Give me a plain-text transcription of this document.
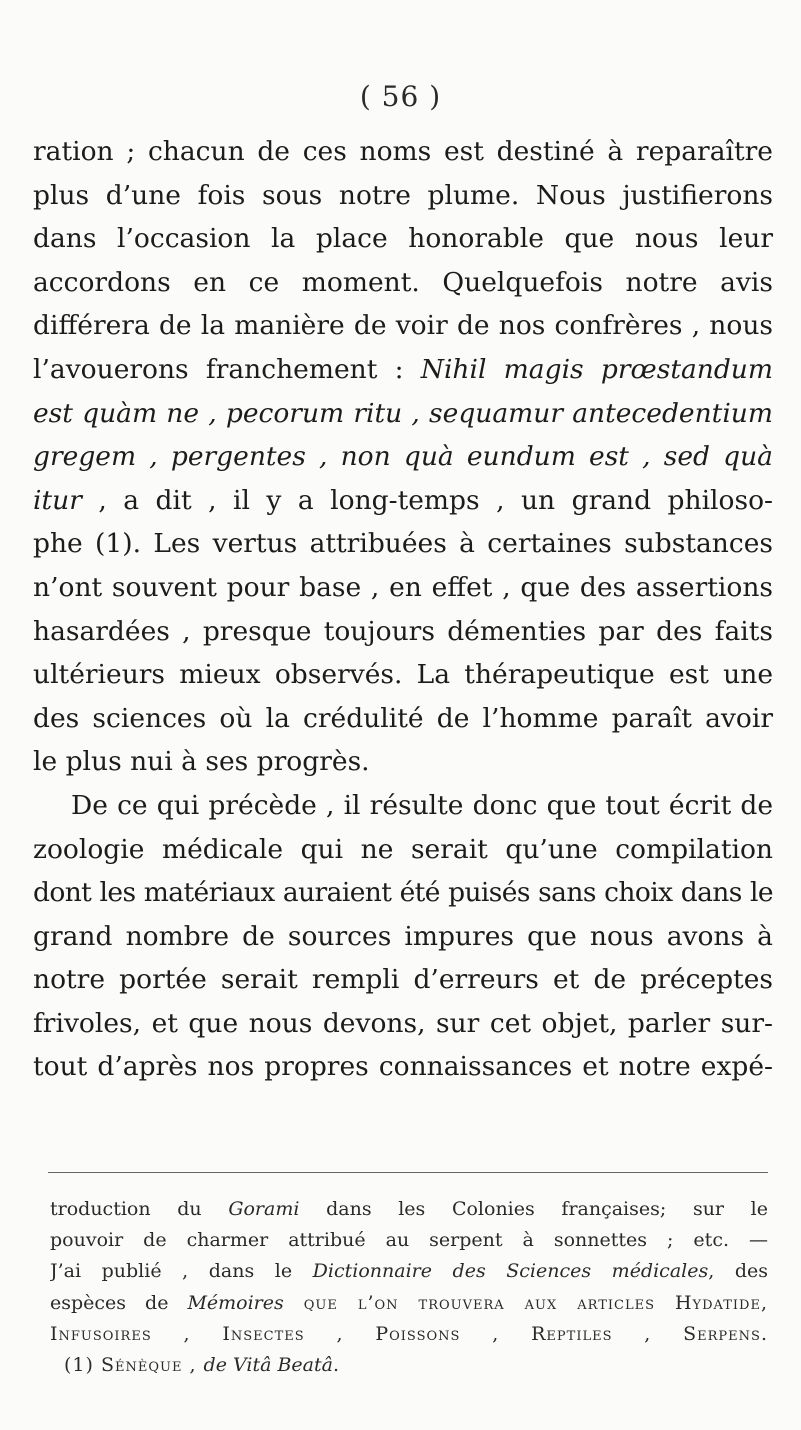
( 56 )
ration ; chacun de ces noms est destiné à reparaître
plus d’une fois sous notre plume. Nous justifierons
dans l’occasion la place honorable que nous leur
accordons en ce moment. Quelquefois notre avis
différera de la manière de voir de nos confrères , nous
l’avouerons franchement : Nihil magis prœstandum
est quàm ne , pecorum ritu , sequamur antecedentium
gregem , pergentes , non quà eundum est , sed quà
itur , a dit , il y a long-temps , un grand philoso-
phe (1). Les vertus attribuées à certaines substances
n’ont souvent pour base , en effet , que des assertions
hasardées , presque toujours démenties par des faits
ultérieurs mieux observés. La thérapeutique est une
des sciences où la crédulité de l’homme paraît avoir
le plus nui à ses progrès.
De ce qui précède , il résulte donc que tout écrit de
zoologie médicale qui ne serait qu’une compilation
dont les matériaux auraient été puisés sans choix dans le
grand nombre de sources impures que nous avons à
notre portée serait rempli d’erreurs et de préceptes
frivoles, et que nous devons, sur cet objet, parler sur-
tout d’après nos propres connaissances et notre expé-
troduction du Gorami dans les Colonies françaises; sur le
pouvoir de charmer attribué au serpent à sonnettes ; etc. —
J’ai publié , dans le Dictionnaire des Sciences médicales, des
espèces de Mémoires que l’on trouvera aux articles Hydatide,
Infusoires , Insectes , Poissons , Reptiles , Serpens.
(1) Sénèque , de Vitâ Beatâ.
